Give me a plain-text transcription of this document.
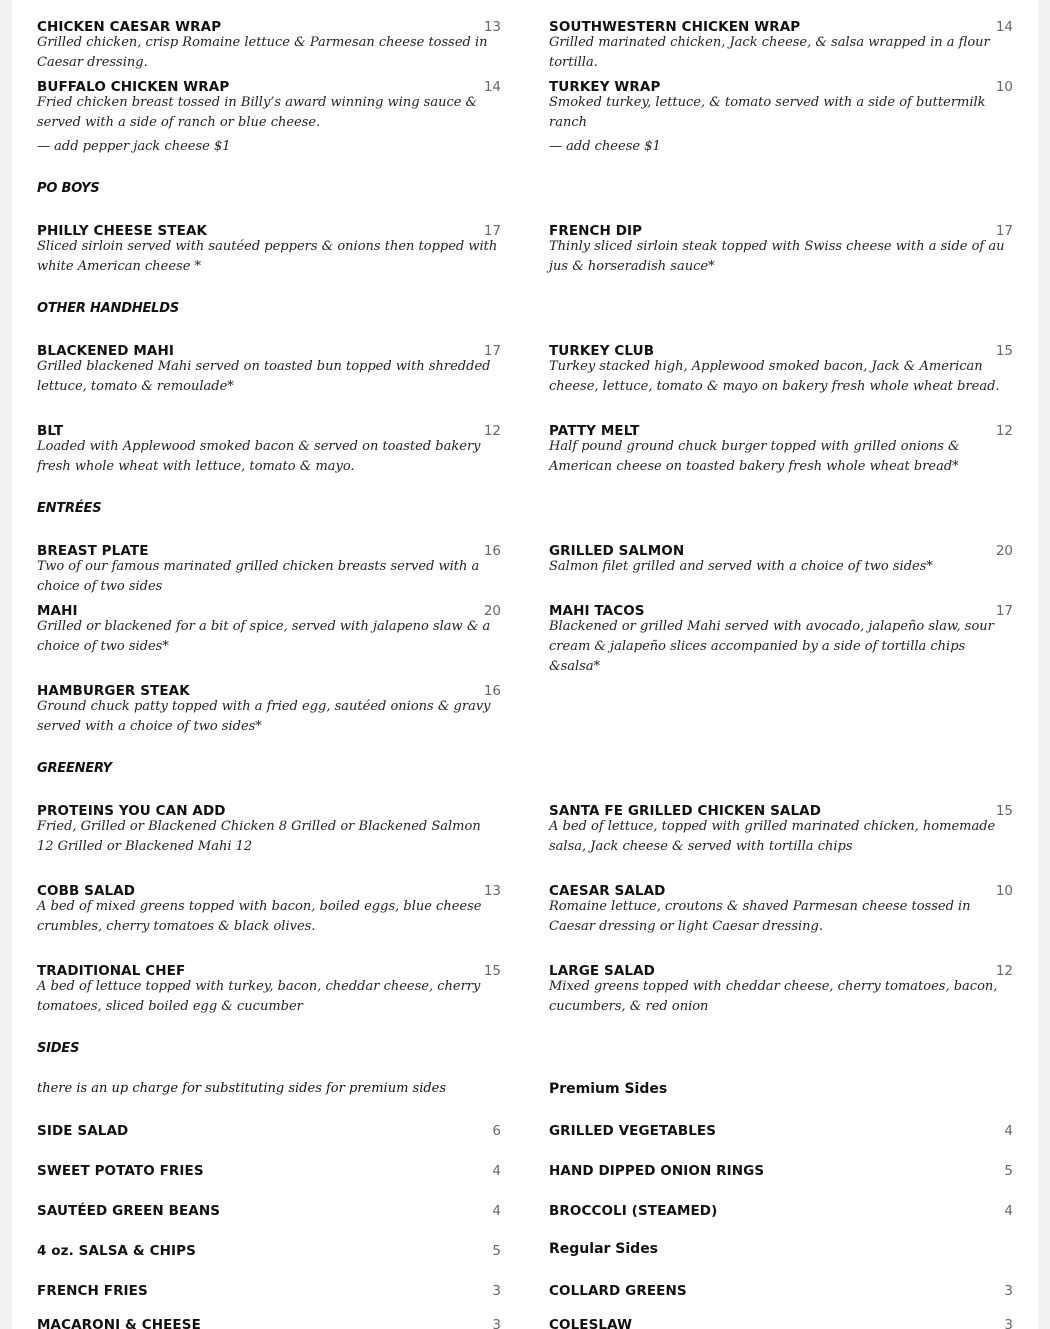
CHICKEN CAESAR WRAP	13
Grilled chicken, crisp Romaine lettuce & Parmesan cheese tossed in Caesar dressing.
SOUTHWESTERN CHICKEN WRAP	14
Grilled marinated chicken, Jack cheese, & salsa wrapped in a flour tortilla.
BUFFALO CHICKEN WRAP	14
Fried chicken breast tossed in Billy’s award winning wing sauce & served with a side of ranch or blue cheese.
— add pepper jack cheese $1
TURKEY WRAP	10
Smoked turkey, lettuce, & tomato served with a side of buttermilk ranch
— add cheese $1
PO BOYS
PHILLY CHEESE STEAK	17
Sliced sirloin served with sautéed peppers & onions then topped with white American cheese *
FRENCH DIP	17
Thinly sliced sirloin steak topped with Swiss cheese with a side of au jus & horseradish sauce*
OTHER HANDHELDS
BLACKENED MAHI	17
Grilled blackened Mahi served on toasted bun topped with shredded lettuce, tomato & remoulade*
TURKEY CLUB	15
Turkey stacked high, Applewood smoked bacon, Jack & American cheese, lettuce, tomato & mayo on bakery fresh whole wheat bread.
BLT	12
Loaded with Applewood smoked bacon & served on toasted bakery fresh whole wheat with lettuce, tomato & mayo.
PATTY MELT	12
Half pound ground chuck burger topped with grilled onions & American cheese on toasted bakery fresh whole wheat bread*
ENTRÉES
BREAST PLATE	16
Two of our famous marinated grilled chicken breasts served with a choice of two sides
GRILLED SALMON	20
Salmon filet grilled and served with a choice of two sides*
MAHI	20
Grilled or blackened for a bit of spice, served with jalapeno slaw & a choice of two sides*
MAHI TACOS	17
Blackened or grilled Mahi served with avocado, jalapeño slaw, sour cream & jalapeño slices accompanied by a side of tortilla chips &salsa*
HAMBURGER STEAK	16
Ground chuck patty topped with a fried egg, sautéed onions & gravy served with a choice of two sides*
GREENERY
PROTEINS YOU CAN ADD
Fried, Grilled or Blackened Chicken 8 Grilled or Blackened Salmon 12 Grilled or Blackened Mahi 12
SANTA FE GRILLED CHICKEN SALAD	15
A bed of lettuce, topped with grilled marinated chicken, homemade salsa, Jack cheese & served with tortilla chips
COBB SALAD	13
A bed of mixed greens topped with bacon, boiled eggs, blue cheese crumbles, cherry tomatoes & black olives.
CAESAR SALAD	10
Romaine lettuce, croutons & shaved Parmesan cheese tossed in Caesar dressing or light Caesar dressing.
TRADITIONAL CHEF	15
A bed of lettuce topped with turkey, bacon, cheddar cheese, cherry tomatoes, sliced boiled egg & cucumber
LARGE SALAD	12
Mixed greens topped with cheddar cheese, cherry tomatoes, bacon, cucumbers, & red onion
SIDES
there is an up charge for substituting sides for premium sides	Premium Sides
SIDE SALAD	6	GRILLED VEGETABLES	4
SWEET POTATO FRIES	4	HAND DIPPED ONION RINGS	5
SAUTÉED GREEN BEANS	4	BROCCOLI (STEAMED)	4
4 oz. SALSA & CHIPS	5	Regular Sides
FRENCH FRIES	3	COLLARD GREENS	3
MACARONI & CHEESE	3	COLESLAW	3
